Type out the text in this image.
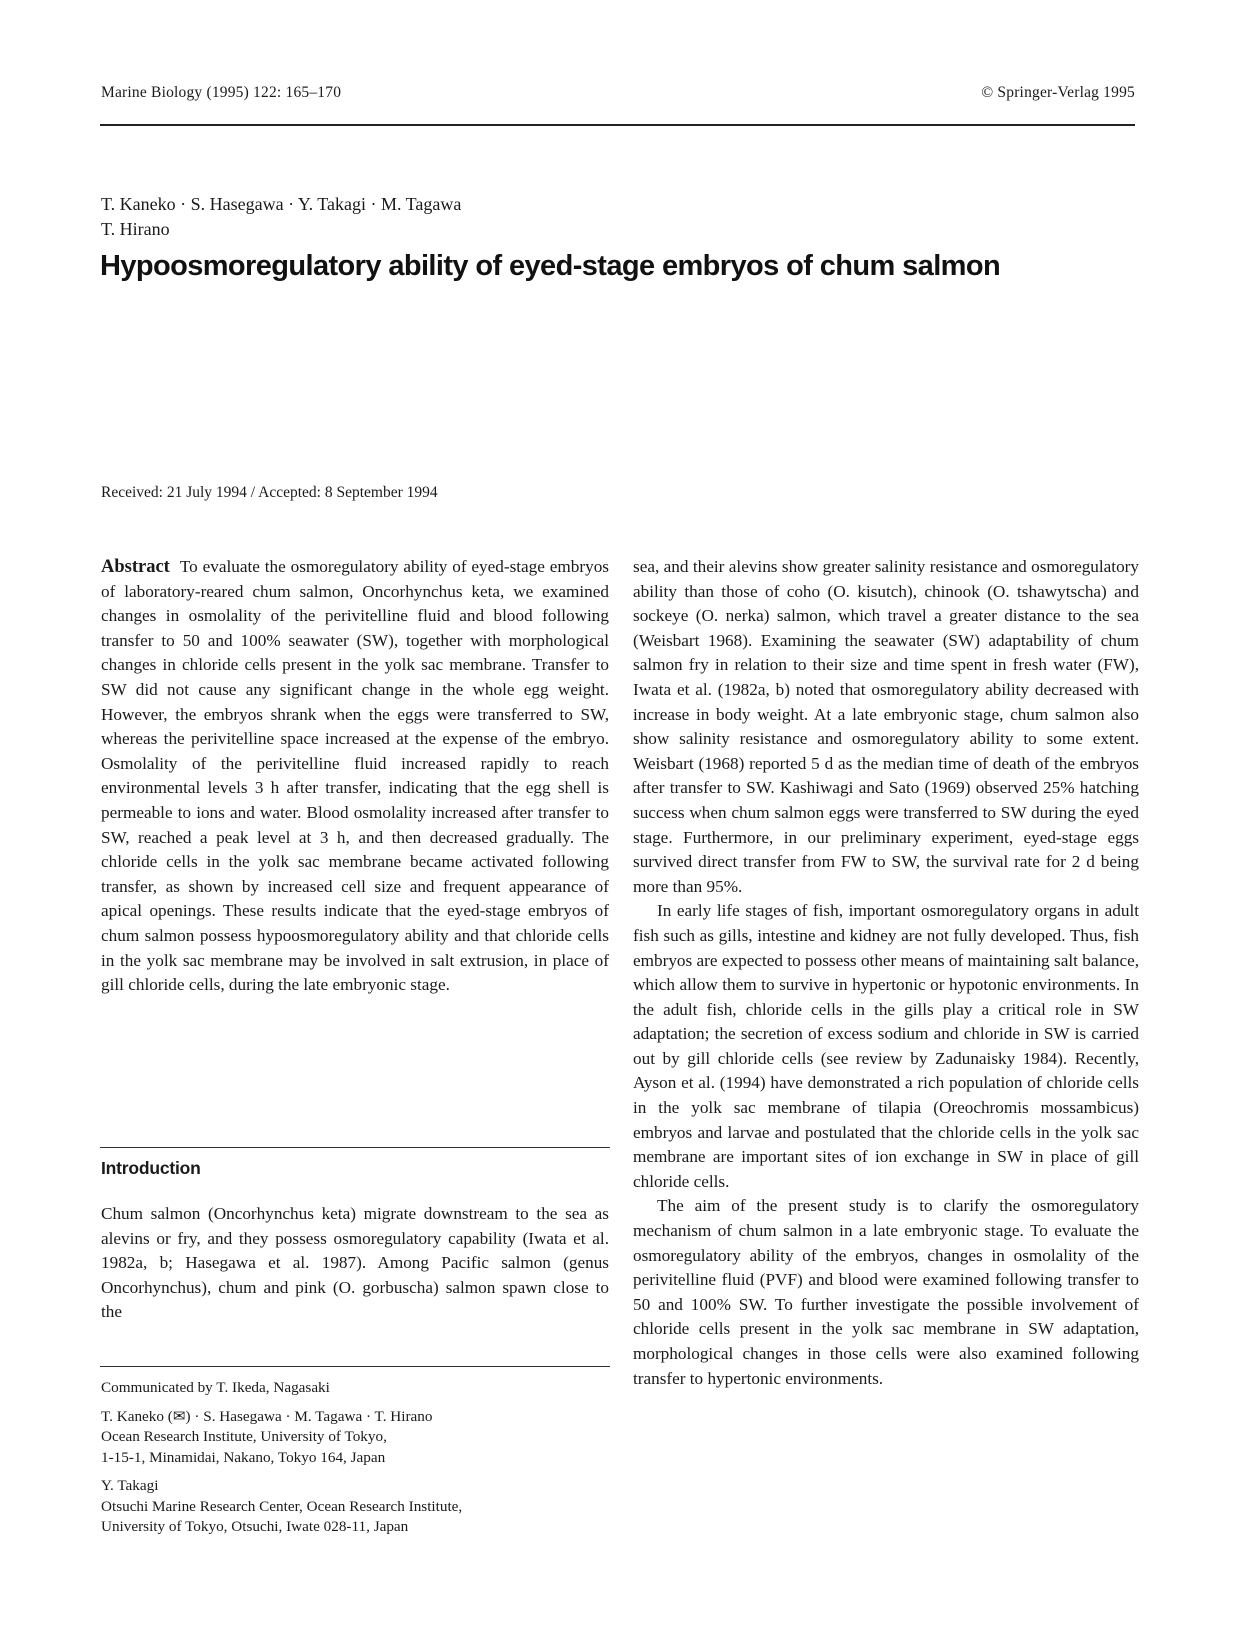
Marine Biology (1995) 122: 165–170	© Springer-Verlag 1995
T. Kaneko · S. Hasegawa · Y. Takagi · M. Tagawa
T. Hirano
Hypoosmoregulatory ability of eyed-stage embryos of chum salmon
Received: 21 July 1994 / Accepted: 8 September 1994

Abstract To evaluate the osmoregulatory ability of eyed-stage embryos of laboratory-reared chum salmon, Oncorhynchus keta, we examined changes in osmolality of the perivitelline fluid and blood following transfer to 50 and 100% seawater (SW), together with morphological changes in chloride cells present in the yolk sac membrane. Transfer to SW did not cause any significant change in the whole egg weight. However, the embryos shrank when the eggs were transferred to SW, whereas the perivitelline space increased at the expense of the embryo. Osmolality of the perivitelline fluid increased rapidly to reach environmental levels 3 h after transfer, indicating that the egg shell is permeable to ions and water. Blood osmolality increased after transfer to SW, reached a peak level at 3 h, and then decreased gradually. The chloride cells in the yolk sac membrane became activated following transfer, as shown by increased cell size and frequent appearance of apical openings. These results indicate that the eyed-stage embryos of chum salmon possess hypoosmoregulatory ability and that chloride cells in the yolk sac membrane may be involved in salt extrusion, in place of gill chloride cells, during the late embryonic stage.

Introduction

Chum salmon (Oncorhynchus keta) migrate downstream to the sea as alevins or fry, and they possess osmoregulatory capability (Iwata et al. 1982a, b; Hasegawa et al. 1987). Among Pacific salmon (genus Oncorhynchus), chum and pink (O. gorbuscha) salmon spawn close to the

Communicated by T. Ikeda, Nagasaki
T. Kaneko (✉) · S. Hasegawa · M. Tagawa · T. Hirano
Ocean Research Institute, University of Tokyo,
1-15-1, Minamidai, Nakano, Tokyo 164, Japan
Y. Takagi
Otsuchi Marine Research Center, Ocean Research Institute,
University of Tokyo, Otsuchi, Iwate 028-11, Japan

sea, and their alevins show greater salinity resistance and osmoregulatory ability than those of coho (O. kisutch), chinook (O. tshawytscha) and sockeye (O. nerka) salmon, which travel a greater distance to the sea (Weisbart 1968). Examining the seawater (SW) adaptability of chum salmon fry in relation to their size and time spent in fresh water (FW), Iwata et al. (1982a, b) noted that osmoregulatory ability decreased with increase in body weight. At a late embryonic stage, chum salmon also show salinity resistance and osmoregulatory ability to some extent. Weisbart (1968) reported 5 d as the median time of death of the embryos after transfer to SW. Kashiwagi and Sato (1969) observed 25% hatching success when chum salmon eggs were transferred to SW during the eyed stage. Furthermore, in our preliminary experiment, eyed-stage eggs survived direct transfer from FW to SW, the survival rate for 2 d being more than 95%.

In early life stages of fish, important osmoregulatory organs in adult fish such as gills, intestine and kidney are not fully developed. Thus, fish embryos are expected to possess other means of maintaining salt balance, which allow them to survive in hypertonic or hypotonic environments. In the adult fish, chloride cells in the gills play a critical role in SW adaptation; the secretion of excess sodium and chloride in SW is carried out by gill chloride cells (see review by Zadunaisky 1984). Recently, Ayson et al. (1994) have demonstrated a rich population of chloride cells in the yolk sac membrane of tilapia (Oreochromis mossambicus) embryos and larvae and postulated that the chloride cells in the yolk sac membrane are important sites of ion exchange in SW in place of gill chloride cells.

The aim of the present study is to clarify the osmoregulatory mechanism of chum salmon in a late embryonic stage. To evaluate the osmoregulatory ability of the embryos, changes in osmolality of the perivitelline fluid (PVF) and blood were examined following transfer to 50 and 100% SW. To further investigate the possible involvement of chloride cells present in the yolk sac membrane in SW adaptation, morphological changes in those cells were also examined following transfer to hypertonic environments.
